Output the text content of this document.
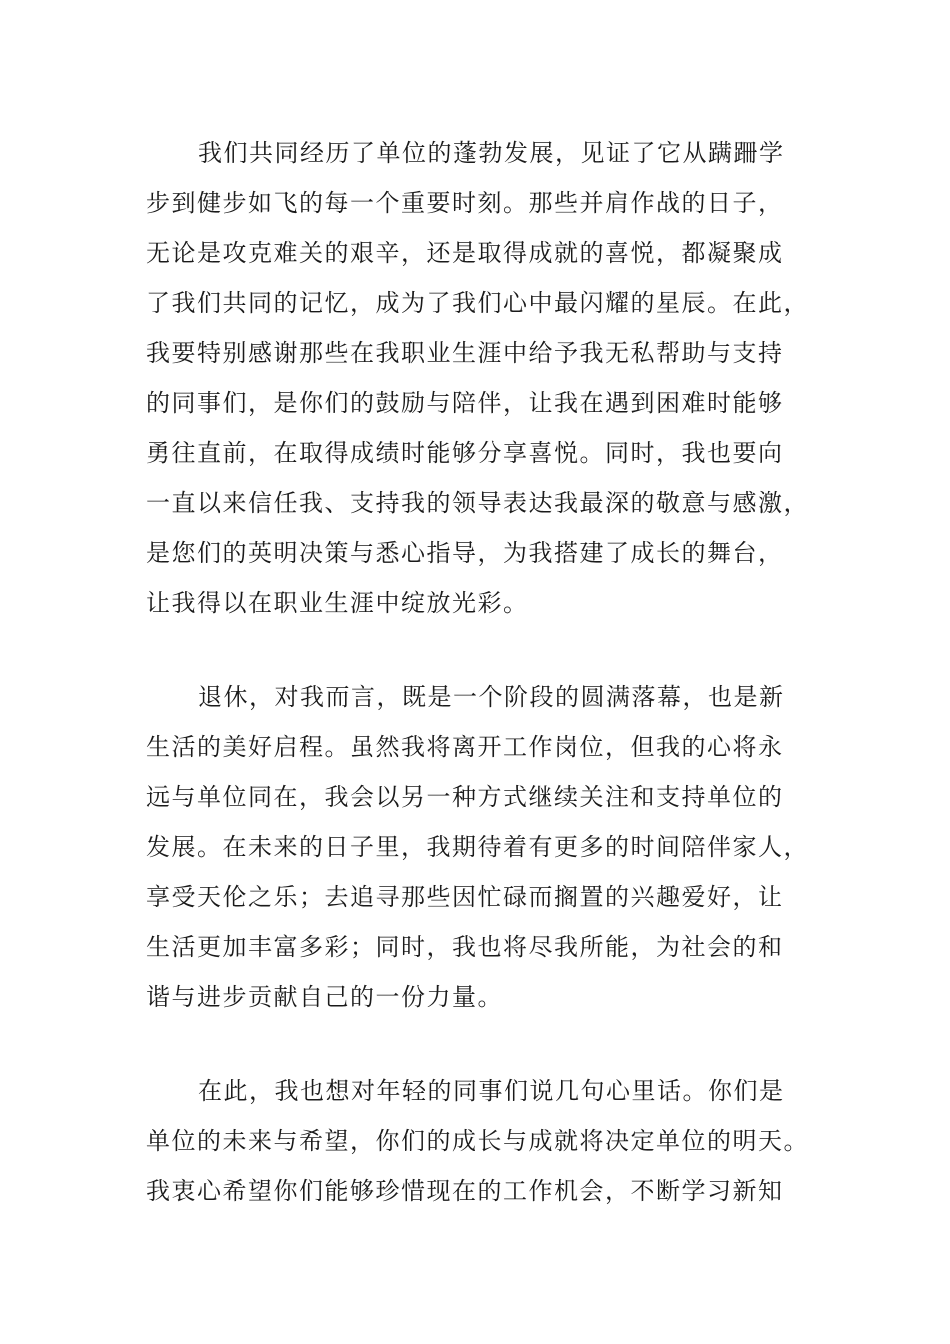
我们共同经历了单位的蓬勃发展，见证了它从蹒跚学
步到健步如飞的每一个重要时刻。那些并肩作战的日子，
无论是攻克难关的艰辛，还是取得成就的喜悦，都凝聚成
了我们共同的记忆，成为了我们心中最闪耀的星辰。在此，
我要特别感谢那些在我职业生涯中给予我无私帮助与支持
的同事们，是你们的鼓励与陪伴，让我在遇到困难时能够
勇往直前，在取得成绩时能够分享喜悦。同时，我也要向
一直以来信任我、支持我的领导表达我最深的敬意与感激，
是您们的英明决策与悉心指导，为我搭建了成长的舞台，
让我得以在职业生涯中绽放光彩。
退休，对我而言，既是一个阶段的圆满落幕，也是新
生活的美好启程。虽然我将离开工作岗位，但我的心将永
远与单位同在，我会以另一种方式继续关注和支持单位的
发展。在未来的日子里，我期待着有更多的时间陪伴家人，
享受天伦之乐；去追寻那些因忙碌而搁置的兴趣爱好，让
生活更加丰富多彩；同时，我也将尽我所能，为社会的和
谐与进步贡献自己的一份力量。
在此，我也想对年轻的同事们说几句心里话。你们是
单位的未来与希望，你们的成长与成就将决定单位的明天。
我衷心希望你们能够珍惜现在的工作机会，不断学习新知
